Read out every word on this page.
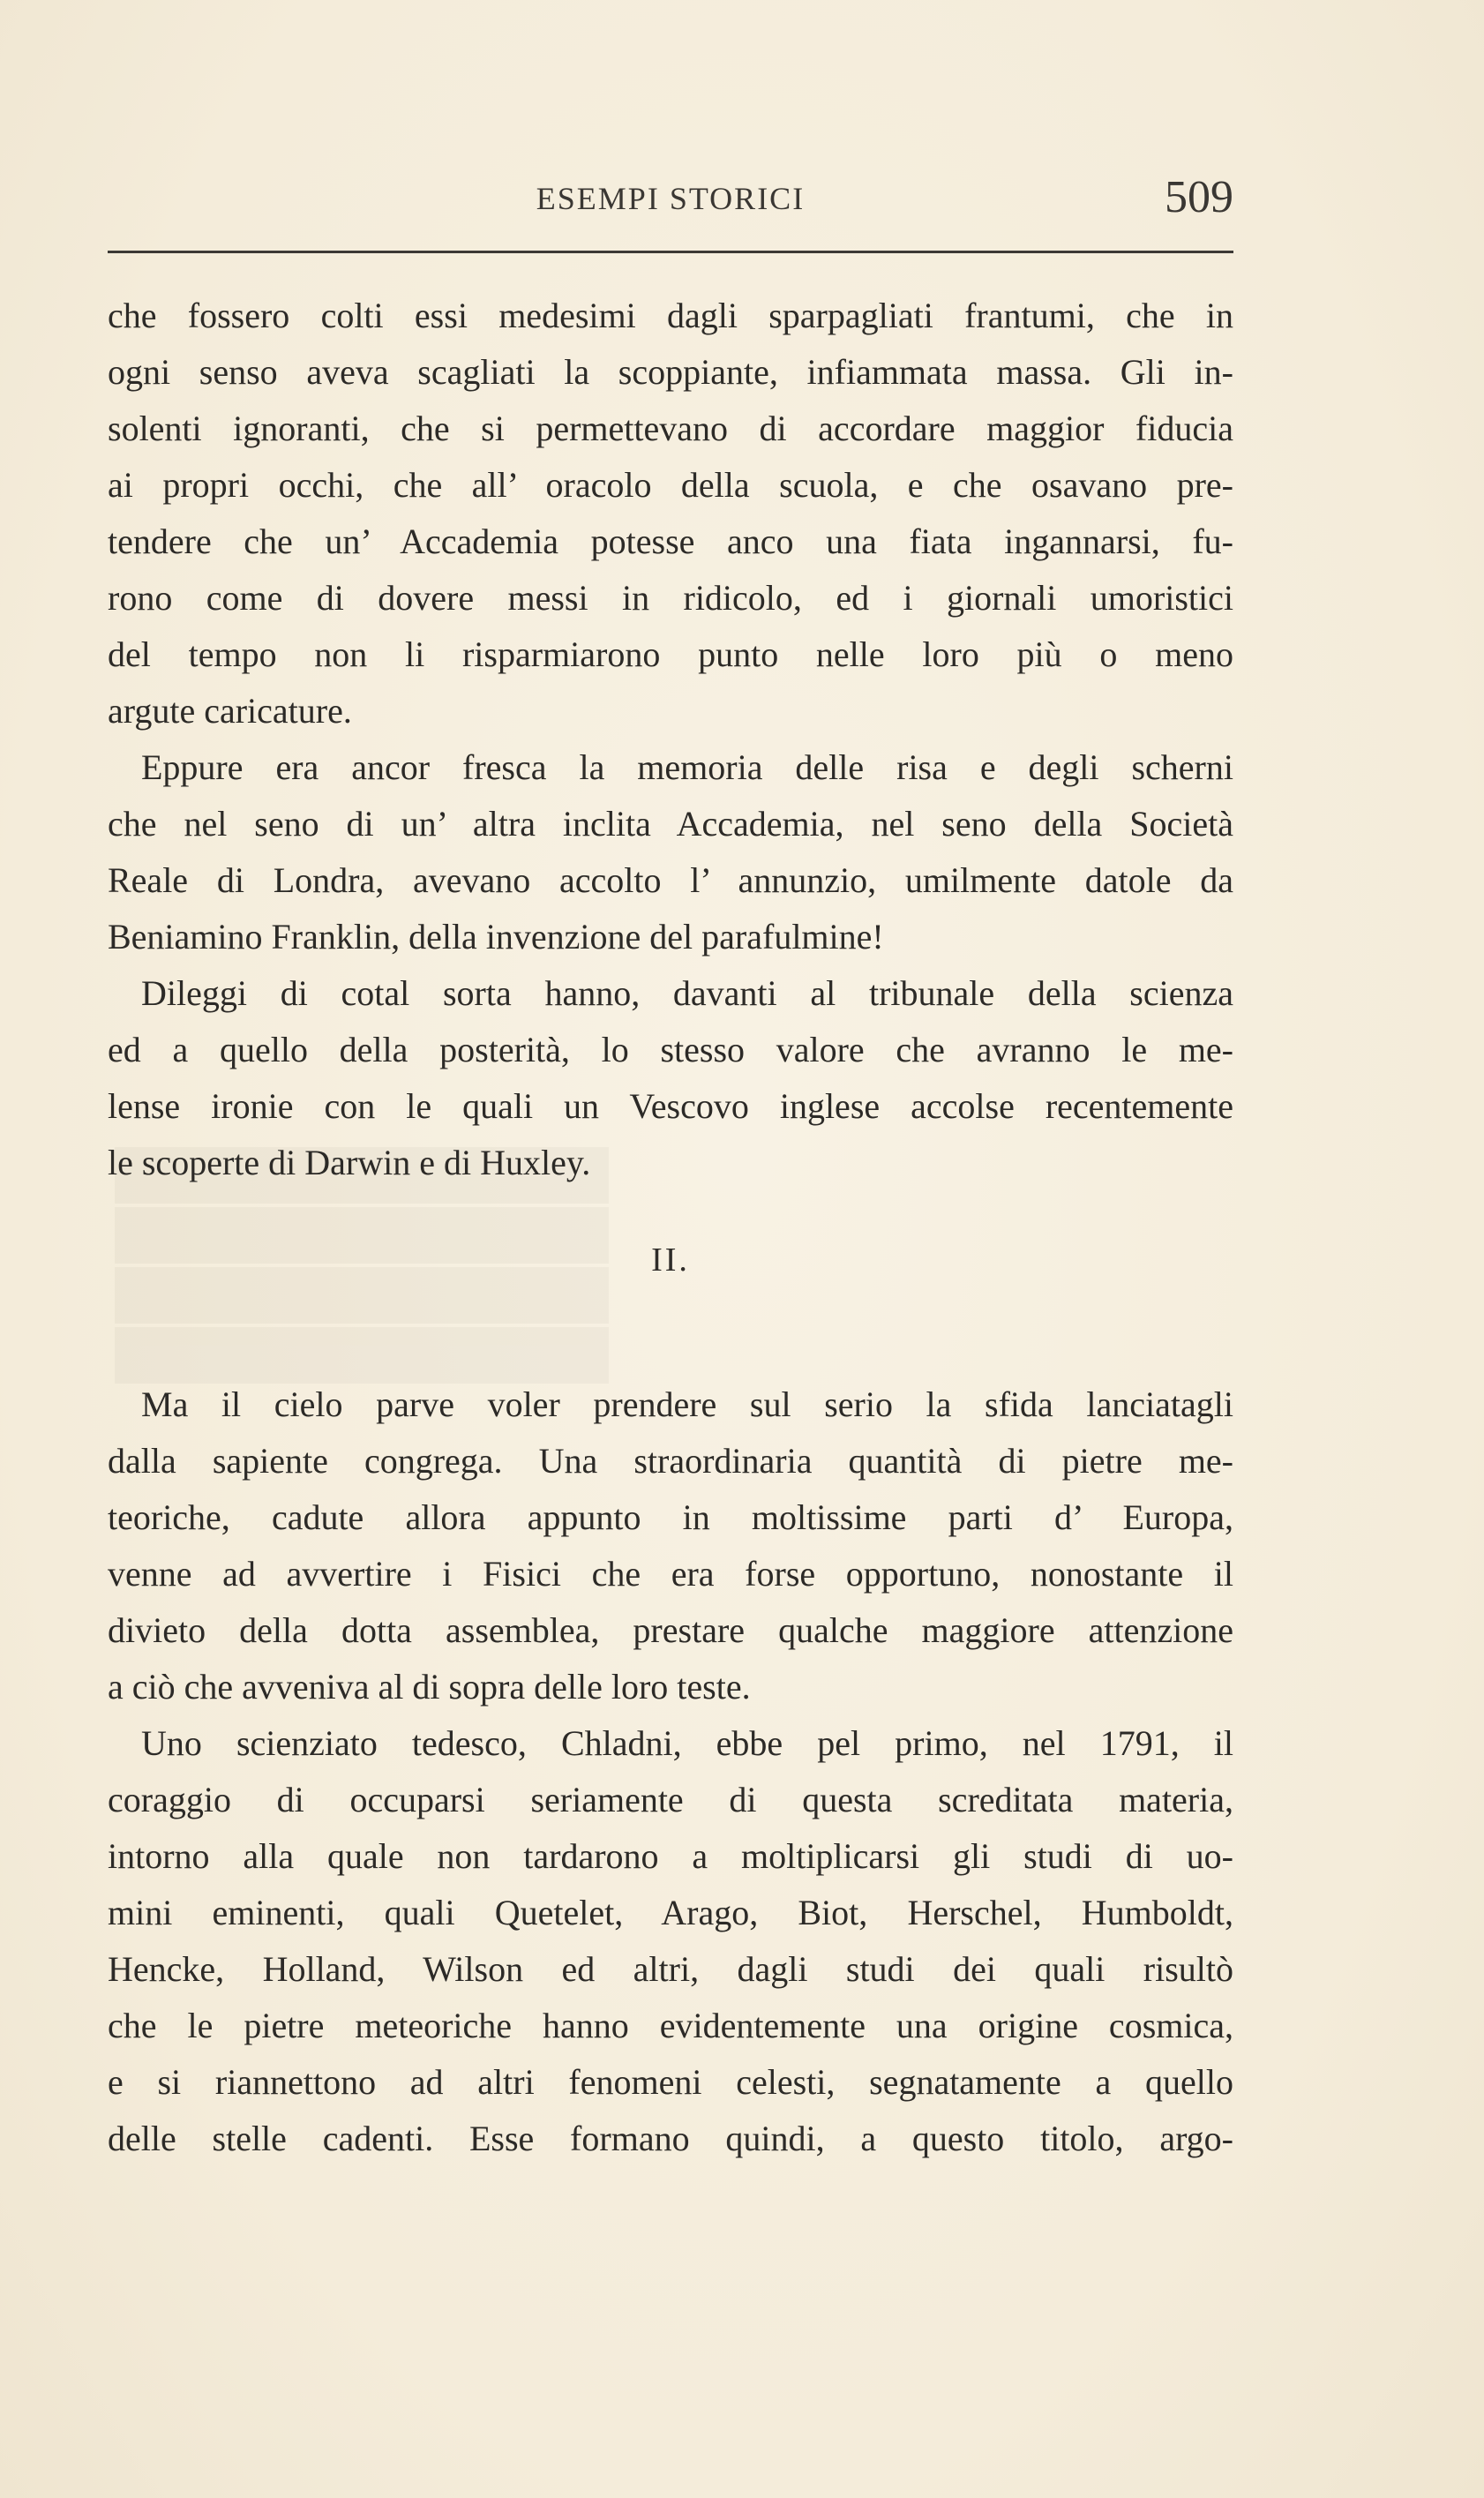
ESEMPI STORICI	509
che fossero colti essi medesimi dagli sparpagliati frantumi, che in
ogni senso aveva scagliati la scoppiante, infiammata massa. Gli in-
solenti ignoranti, che si permettevano di accordare maggior fiducia
ai propri occhi, che all’ oracolo della scuola, e che osavano pre-
tendere che un’ Accademia potesse anco una fiata ingannarsi, fu-
rono come di dovere messi in ridicolo, ed i giornali umoristici
del tempo non li risparmiarono punto nelle loro più o meno
argute caricature.
Eppure era ancor fresca la memoria delle risa e degli scherni
che nel seno di un’ altra inclita Accademia, nel seno della Società
Reale di Londra, avevano accolto l’ annunzio, umilmente datole da
Beniamino Franklin, della invenzione del parafulmine!
Dileggi di cotal sorta hanno, davanti al tribunale della scienza
ed a quello della posterità, lo stesso valore che avranno le me-
lense ironie con le quali un Vescovo inglese accolse recentemente
le scoperte di Darwin e di Huxley.
II.
Ma il cielo parve voler prendere sul serio la sfida lanciatagli
dalla sapiente congrega. Una straordinaria quantità di pietre me-
teoriche, cadute allora appunto in moltissime parti d’ Europa,
venne ad avvertire i Fisici che era forse opportuno, nonostante il
divieto della dotta assemblea, prestare qualche maggiore attenzione
a ciò che avveniva al di sopra delle loro teste.
Uno scienziato tedesco, Chladni, ebbe pel primo, nel 1791, il
coraggio di occuparsi seriamente di questa screditata materia,
intorno alla quale non tardarono a moltiplicarsi gli studi di uo-
mini eminenti, quali Quetelet, Arago, Biot, Herschel, Humboldt,
Hencke, Holland, Wilson ed altri, dagli studi dei quali risultò
che le pietre meteoriche hanno evidentemente una origine cosmica,
e si riannettono ad altri fenomeni celesti, segnatamente a quello
delle stelle cadenti. Esse formano quindi, a questo titolo, argo-
